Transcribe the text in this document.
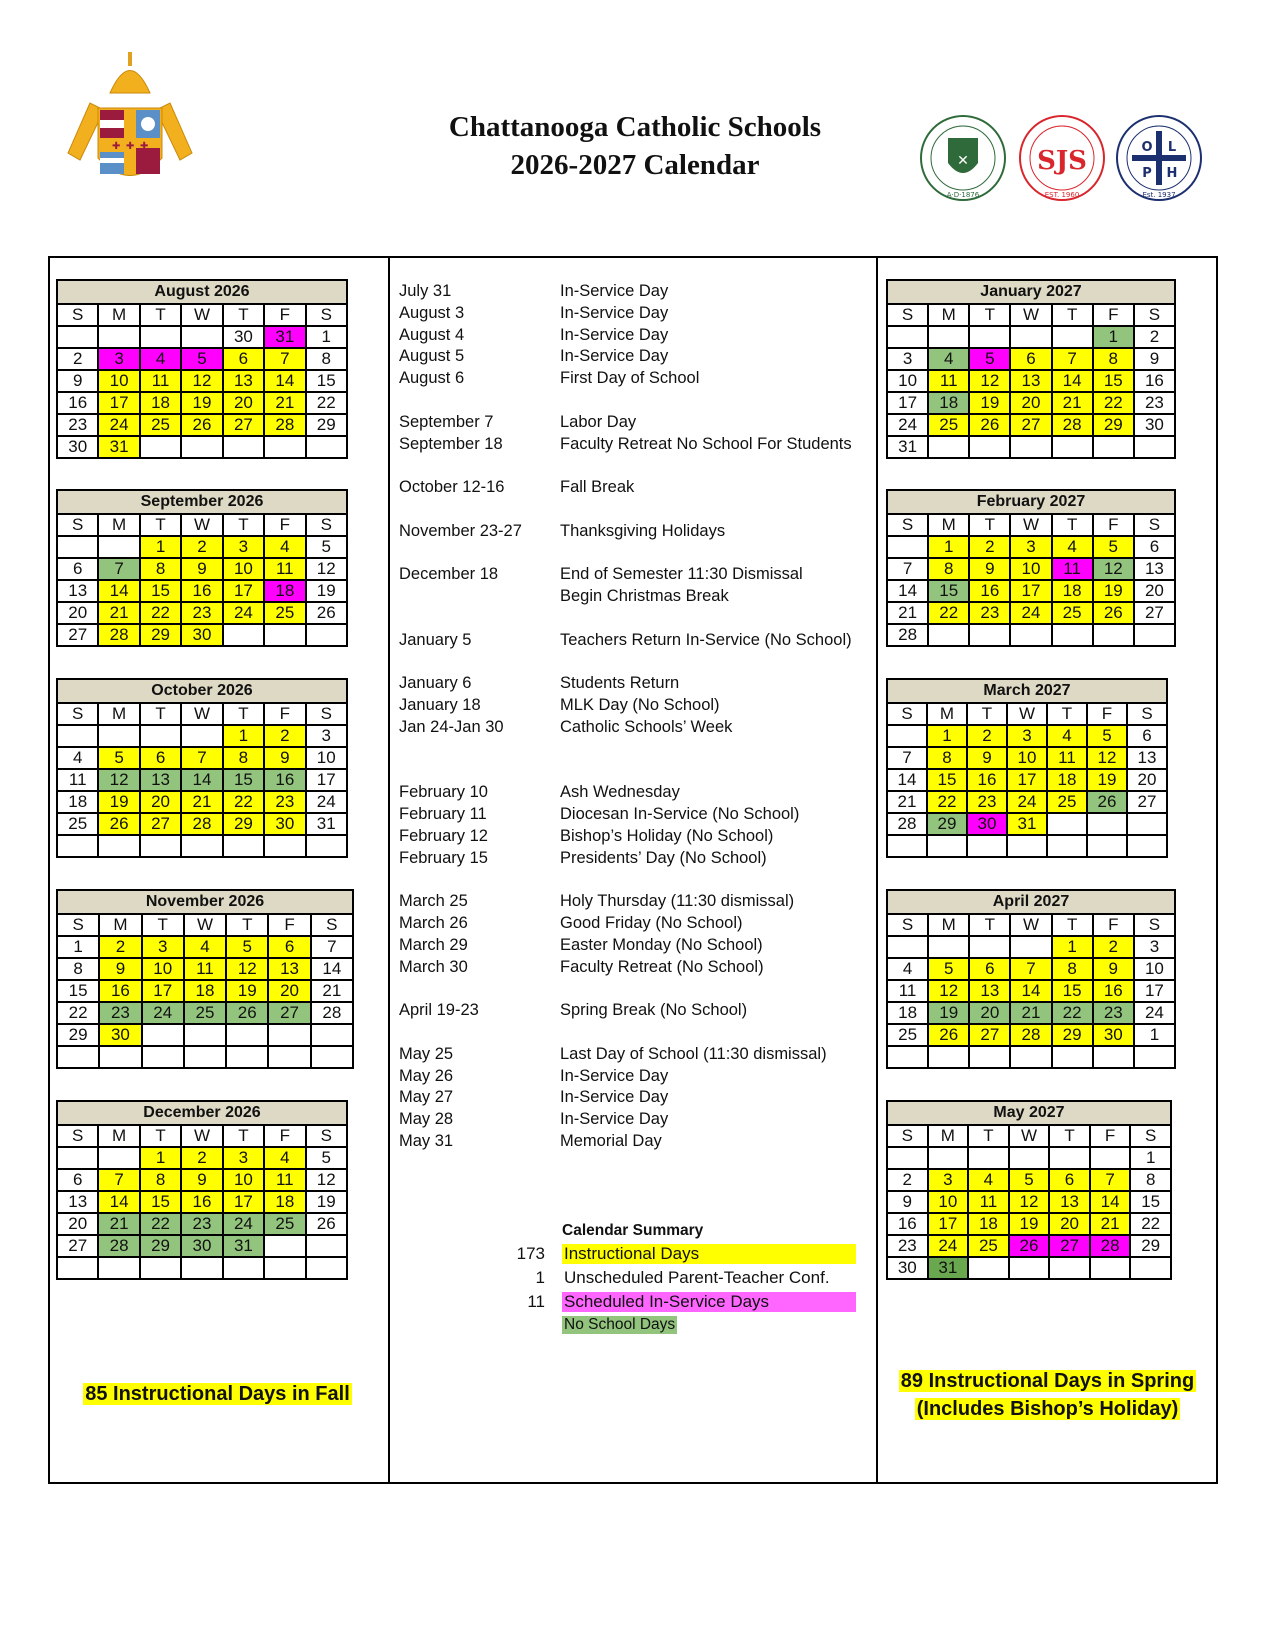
✚ ✚ ✚
Chattanooga Catholic Schools
2026-2027 Calendar	✕
A·D·1876
SJS
EST. 1960
O L
P H
Est. 1937
August 2026						
S	M	T	W	T	F	S
				30	31	1
2	3	4	5	6	7	8
9	10	11	12	13	14	15
16	17	18	19	20	21	22
23	24	25	26	27	28	29
30	31					
September 2026						
S	M	T	W	T	F	S
		1	2	3	4	5
6	7	8	9	10	11	12
13	14	15	16	17	18	19
20	21	22	23	24	25	26
27	28	29	30			
October 2026						
S	M	T	W	T	F	S
				1	2	3
4	5	6	7	8	9	10
11	12	13	14	15	16	17
18	19	20	21	22	23	24
25	26	27	28	29	30	31

November 2026						
S	M	T	W	T	F	S
1	2	3	4	5	6	7
8	9	10	11	12	13	14
15	16	17	18	19	20	21
22	23	24	25	26	27	28
29	30					

December 2026						
S	M	T	W	T	F	S
		1	2	3	4	5
6	7	8	9	10	11	12
13	14	15	16	17	18	19
20	21	22	23	24	25	26
27	28	29	30	31		

January 2027						
S	M	T	W	T	F	S
					1	2
3	4	5	6	7	8	9
10	11	12	13	14	15	16
17	18	19	20	21	22	23
24	25	26	27	28	29	30
31						
February 2027						
S	M	T	W	T	F	S
	1	2	3	4	5	6
7	8	9	10	11	12	13
14	15	16	17	18	19	20
21	22	23	24	25	26	27
28						
March 2027						
S	M	T	W	T	F	S
	1	2	3	4	5	6
7	8	9	10	11	12	13
14	15	16	17	18	19	20
21	22	23	24	25	26	27
28	29	30	31			

April 2027						
S	M	T	W	T	F	S
				1	2	3
4	5	6	7	8	9	10
11	12	13	14	15	16	17
18	19	20	21	22	23	24
25	26	27	28	29	30	1

May 2027						
S	M	T	W	T	F	S
						1
2	3	4	5	6	7	8
9	10	11	12	13	14	15
16	17	18	19	20	21	22
23	24	25	26	27	28	29
30	31					
July 31	In-Service Day
August 3	In-Service Day
August 4	In-Service Day
August 5	In-Service Day
August 6	First Day of School
September 7	Labor Day
September 18	Faculty Retreat No School For Students
October 12-16	Fall Break
November 23-27 Thanksgiving Holidays
December 18	End of Semester 11:30 Dismissal
Begin Christmas Break
January 5	Teachers Return In-Service (No School)
January 6	Students Return
January 18	MLK Day (No School)
Jan 24-Jan 30	Catholic Schools’ Week
February 10	Ash Wednesday
February 11	Diocesan In-Service (No School)
February 12	Bishop’s Holiday (No School)
February 15	Presidents’ Day (No School)
March 25	Holy Thursday (11:30 dismissal)
March 26	Good Friday (No School)
March 29	Easter Monday (No School)
March 30	Faculty Retreat (No School)
April 19-23	Spring Break (No School)
May 25	Last Day of School (11:30 dismissal)
May 26	In-Service Day
May 27	In-Service Day
May 28	In-Service Day
May 31	Memorial Day
Calendar Summary
173 Instructional Days
1 Unscheduled Parent-Teacher Conf.
11 Scheduled In-Service Days
No School Days
85 Instructional Days in Fall
89 Instructional Days in Spring
(Includes Bishop’s Holiday)
